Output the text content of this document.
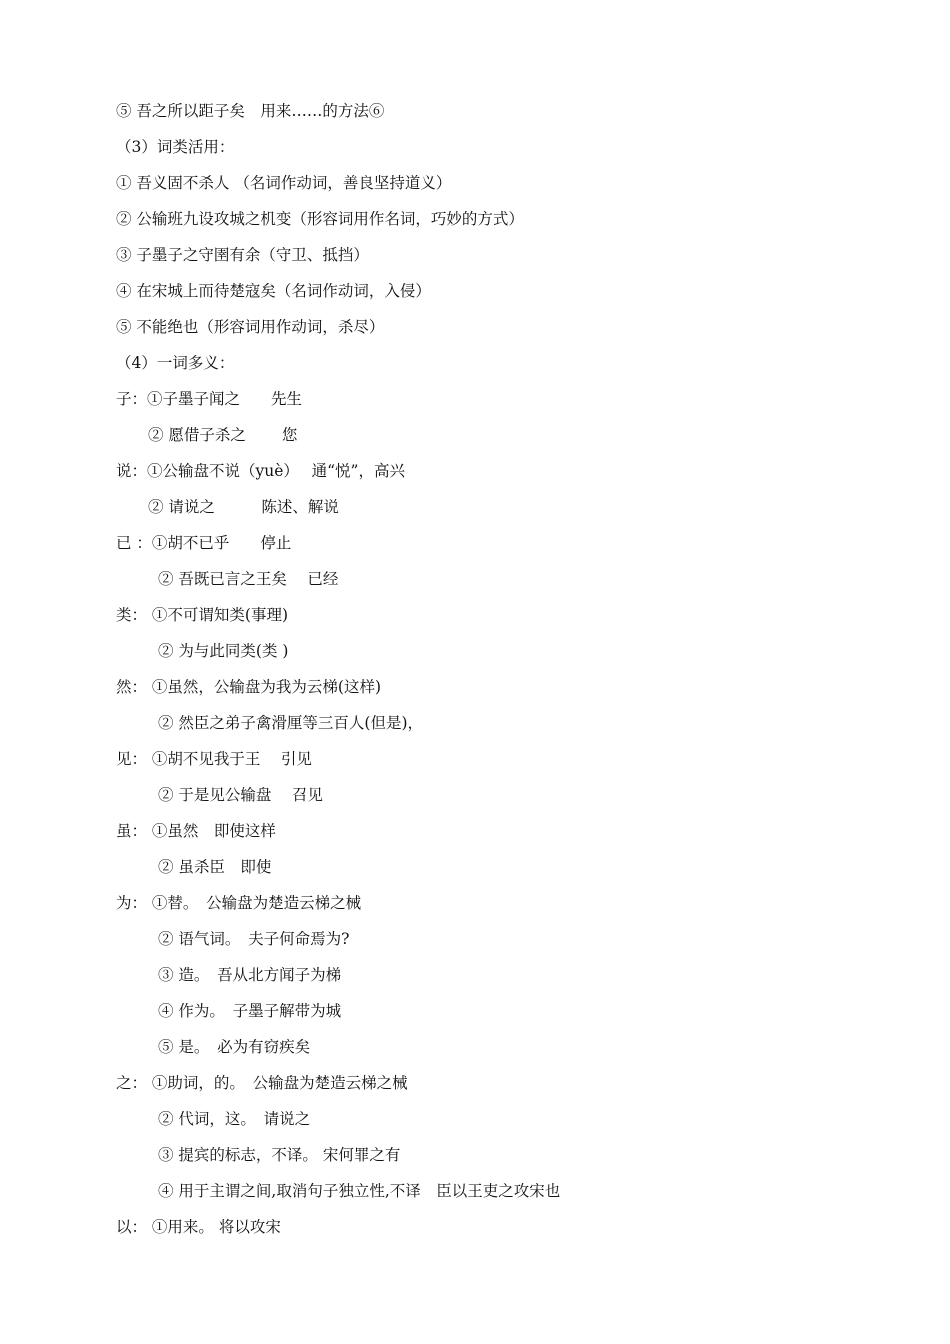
⑤ 吾之所以距子矣　用来……的方法⑥
（3）词类活用：
① 吾义固不杀人 （名词作动词，善良坚持道义）
② 公输班九设攻城之机变（形容词用作名词，巧妙的方式）
③ 子墨子之守圉有余（守卫、抵挡）
④ 在宋城上而待楚寇矣（名词作动词，入侵）
⑤ 不能绝也（形容词用作动词，杀尽）
（4）一词多义：
子：①子墨子闻之　　先生
② 愿借子杀之　　 您
说：①公输盘不说（yuè）　 通“悦”，高兴
② 请说之　　　陈述、解说
已 ：①胡不已乎　　停止
② 吾既已言之王矣　 已经
类： ①不可谓知类(事理)
② 为与此同类(类 )
然： ①虽然，公输盘为我为云梯(这样)
② 然臣之弟子禽滑厘等三百人(但是)，
见： ①胡不见我于王　 引见
② 于是见公输盘　 召见
虽： ①虽然　即使这样
② 虽杀臣　即使
为： ①替。　公输盘为楚造云梯之械
② 语气词。　夫子何命焉为?
③ 造。　吾从北方闻子为梯
④ 作为。　子墨子解带为城
⑤ 是。　必为有窃疾矣
之： ①助词，的。　公输盘为楚造云梯之械
② 代词，这。　请说之
③ 提宾的标志，不译。 宋何罪之有
④ 用于主谓之间,取消句子独立性,不译　臣以王吏之攻宋也
以： ①用来。 将以攻宋
